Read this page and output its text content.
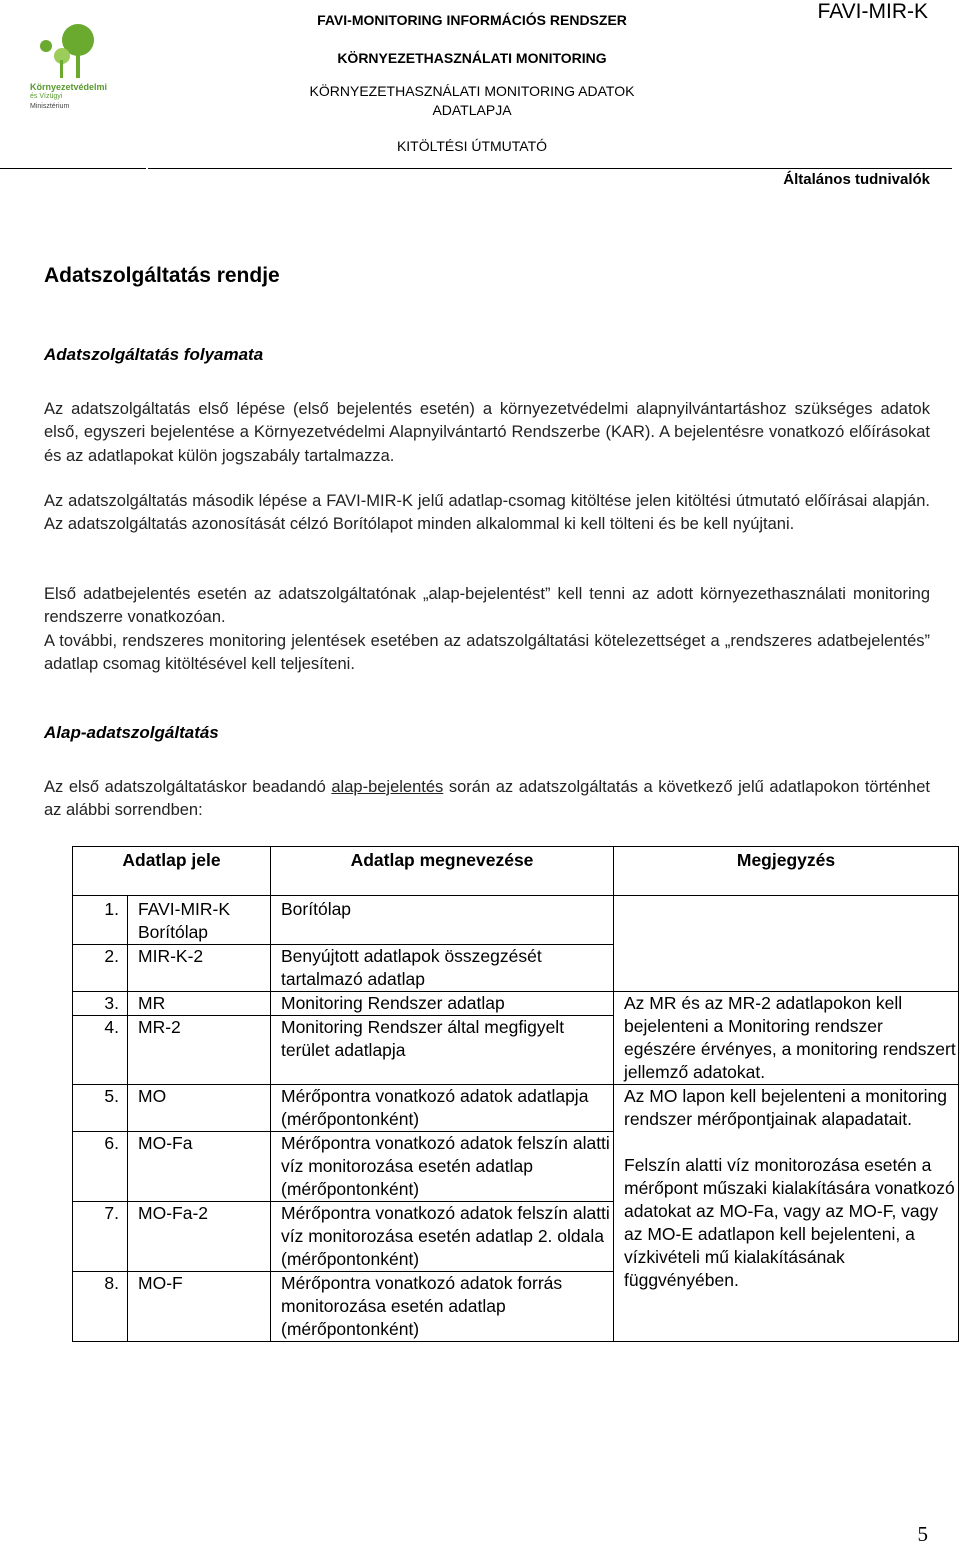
Környezetvédelmi
és Vízügyi
Minisztérium
FAVI-MONITORING INFORMÁCIÓS RENDSZER
KÖRNYEZETHASZNÁLATI MONITORING
KÖRNYEZETHASZNÁLATI MONITORING ADATOK
ADATLAPJA
KITÖLTÉSI ÚTMUTATÓ
FAVI-MIR-K
Általános tudnivalók
Adatszolgáltatás rendje
Adatszolgáltatás folyamata
Az adatszolgáltatás első lépése (első bejelentés esetén) a környezetvédelmi alapnyilvántartáshoz szükséges adatok első, egyszeri bejelentése a Környezetvédelmi Alapnyilvántartó Rendszerbe (KAR). A bejelentésre vonatkozó előírásokat és az adatlapokat külön jogszabály tartalmazza.
Az adatszolgáltatás második lépése a FAVI-MIR-K jelű adatlap-csomag kitöltése jelen kitöltési útmutató előírásai alapján. Az adatszolgáltatás azonosítását célzó Borítólapot minden alkalommal ki kell tölteni és be kell nyújtani.
Első adatbejelentés esetén az adatszolgáltatónak „alap-bejelentést” kell tenni az adott környezethasználati monitoring rendszerre vonatkozóan.
A további, rendszeres monitoring jelentések esetében az adatszolgáltatási kötelezettséget a „rendszeres adatbejelentés” adatlap csomag kitöltésével kell teljesíteni.
Alap-adatszolgáltatás
Az első adatszolgáltatáskor beadandó alap-bejelentés során az adatszolgáltatás a következő jelű adatlapokon történhet az alábbi sorrendben:
Adatlap jele		Adatlap megnevezése	Megjegyzés
1.	FAVI-MIR-K Borítólap	Borítólap	
2.	MIR-K-2	Benyújtott adatlapok összegzését tartalmazó adatlap	
3.	MR	Monitoring Rendszer adatlap	Az MR és az MR-2 adatlapokon kell bejelenteni a Monitoring rendszer egészére érvényes, a monitoring rendszert jellemző adatokat.
4.	MR-2	Monitoring Rendszer által megfigyelt terület adatlapja	
5.	MO	Mérőpontra vonatkozó adatok adatlapja (mérőpontonként)	Az MO lapon kell bejelenteni a monitoring rendszer mérőpontjainak alapadatait.
Felszín alatti víz monitorozása esetén a mérőpont műszaki kialakítására vonatkozó adatokat az MO-Fa, vagy az MO-F, vagy az MO-E adatlapon kell bejelenteni, a vízkivételi mű kialakításának függvényében.

6.	MO-Fa	Mérőpontra vonatkozó adatok felszín alatti víz monitorozása esetén adatlap (mérőpontonként)	
7.	MO-Fa-2	Mérőpontra vonatkozó adatok felszín alatti víz monitorozása esetén adatlap 2. oldala (mérőpontonként)	
8.	MO-F	Mérőpontra vonatkozó adatok forrás monitorozása esetén adatlap (mérőpontonként)	
5
